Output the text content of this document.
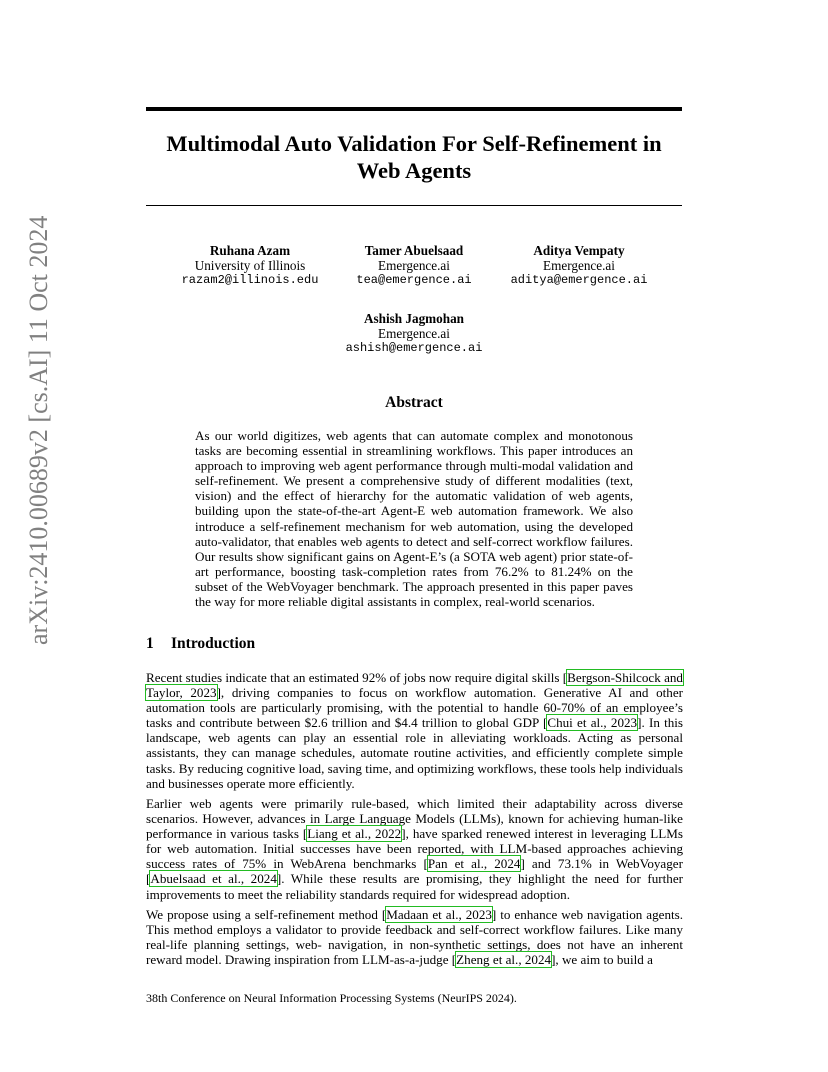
arXiv:2410.00689v2 [cs.AI] 11 Oct 2024
Multimodal Auto Validation For Self-Refinement in
Web Agents
Ruhana Azam
University of Illinois
razam2@illinois.edu
Tamer Abuelsaad
Emergence.ai
tea@emergence.ai
Aditya Vempaty
Emergence.ai
aditya@emergence.ai
Ashish Jagmohan
Emergence.ai
ashish@emergence.ai
Abstract
As our world digitizes, web agents that can automate complex and monotonous tasks are becoming essential in streamlining workflows. This paper introduces an approach to improving web agent performance through multi-modal validation and self-refinement. We present a comprehensive study of different modalities (text, vision) and the effect of hierarchy for the automatic validation of web agents, building upon the state-of-the-art Agent-E web automation framework. We also introduce a self-refinement mechanism for web automation, using the developed auto-validator, that enables web agents to detect and self-correct workflow failures. Our results show significant gains on Agent-E’s (a SOTA web agent) prior state-of-art performance, boosting task-completion rates from 76.2% to 81.24% on the subset of the WebVoyager benchmark. The approach presented in this paper paves the way for more reliable digital assistants in complex, real-world scenarios.
1 Introduction

Recent studies indicate that an estimated 92% of jobs now require digital skills [Bergson-Shilcock and Taylor, 2023], driving companies to focus on workflow automation. Generative AI and other automation tools are particularly promising, with the potential to handle 60-70% of an employee’s tasks and contribute between $2.6 trillion and $4.4 trillion to global GDP [Chui et al., 2023]. In this landscape, web agents can play an essential role in alleviating workloads. Acting as personal assistants, they can manage schedules, automate routine activities, and efficiently complete simple tasks. By reducing cognitive load, saving time, and optimizing workflows, these tools help individuals and businesses operate more efficiently.

Earlier web agents were primarily rule-based, which limited their adaptability across diverse scenarios. However, advances in Large Language Models (LLMs), known for achieving human-like performance in various tasks [Liang et al., 2022], have sparked renewed interest in leveraging LLMs for web automation. Initial successes have been reported, with LLM-based approaches achieving success rates of 75% in WebArena benchmarks [Pan et al., 2024] and 73.1% in WebVoyager [Abuelsaad et al., 2024]. While these results are promising, they highlight the need for further improvements to meet the reliability standards required for widespread adoption.

We propose using a self-refinement method [Madaan et al., 2023] to enhance web navigation agents. This method employs a validator to provide feedback and self-correct workflow failures. Like many real-life planning settings, web- navigation, in non-synthetic settings, does not have an inherent reward model. Drawing inspiration from LLM-as-a-judge [Zheng et al., 2024], we aim to build a

38th Conference on Neural Information Processing Systems (NeurIPS 2024).
